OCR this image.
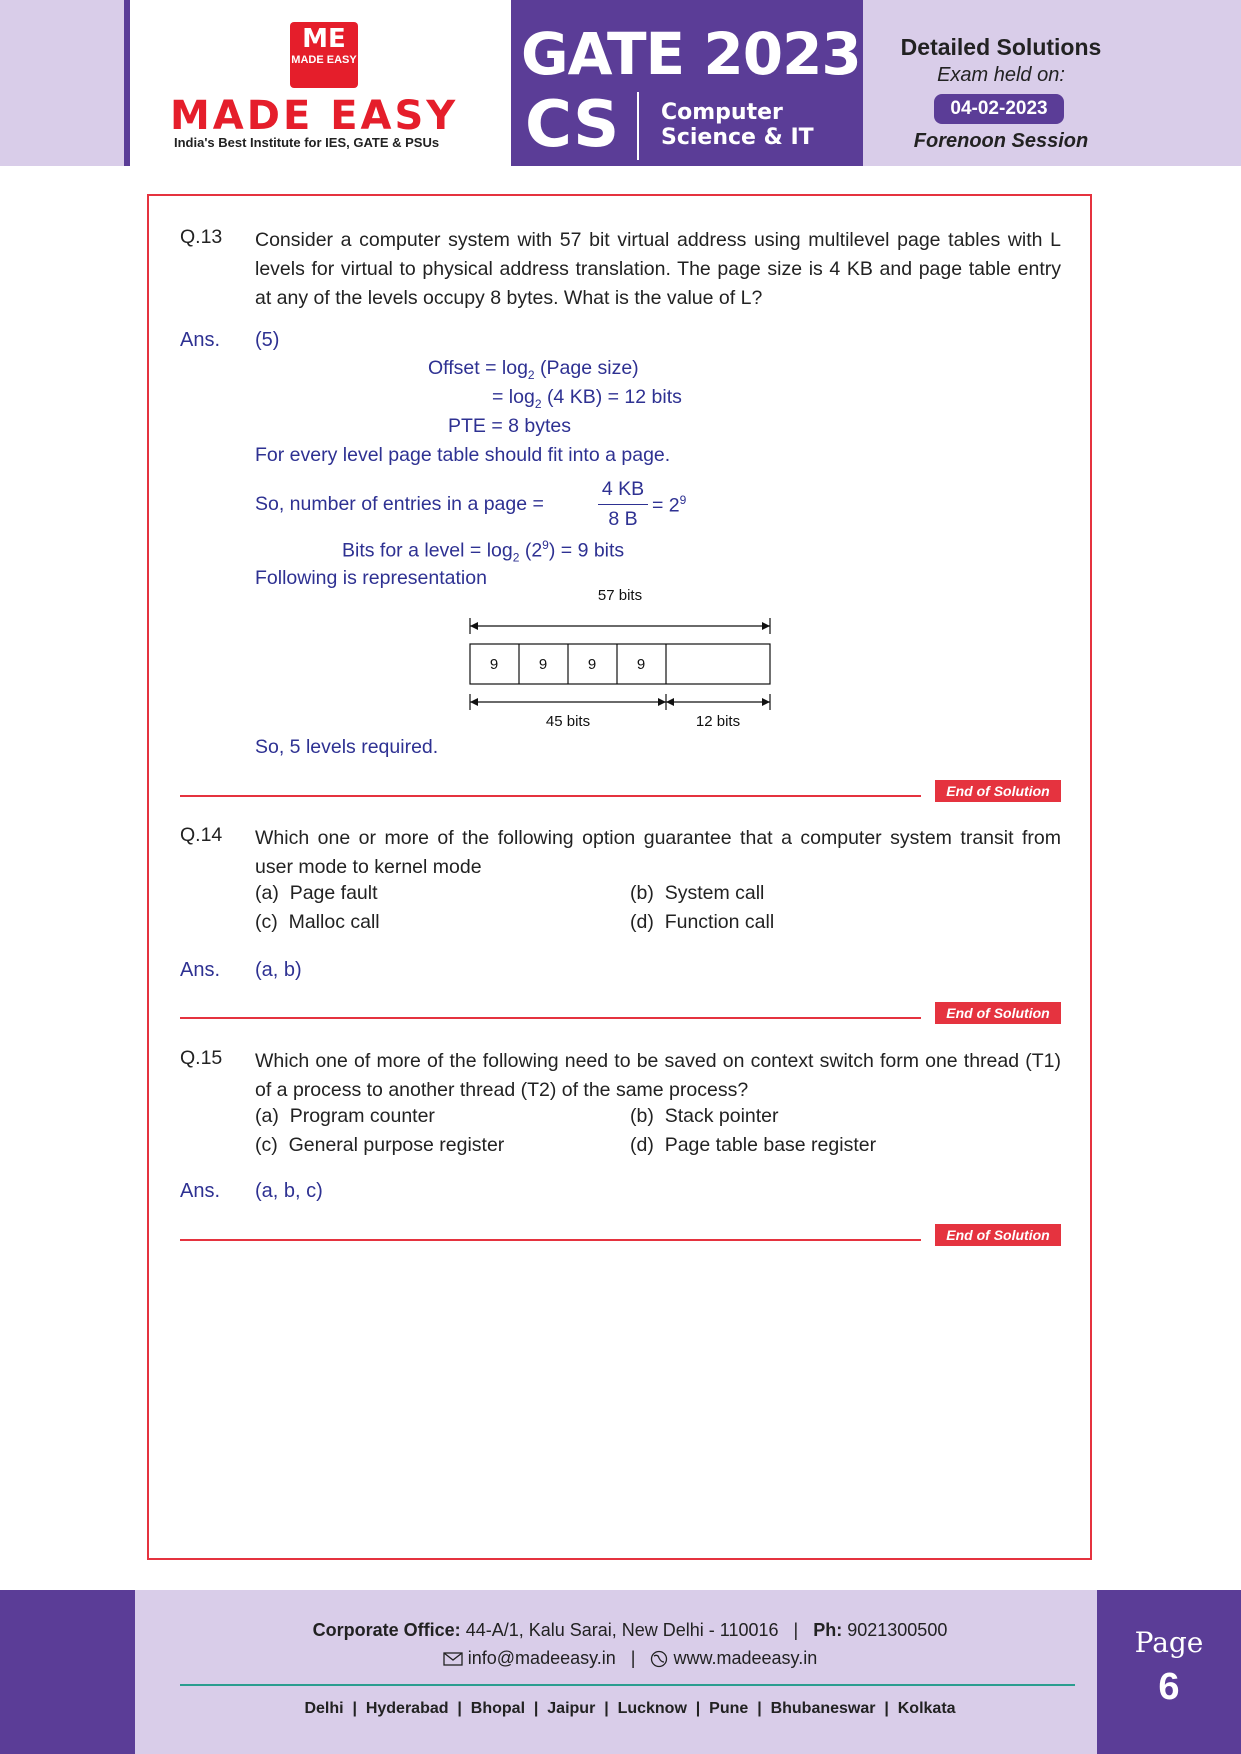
ME
MADE EASY
MADE EASY
India's Best Institute for IES, GATE & PSUs
GATE 2023
CS Computer
Science & IT
Detailed Solutions
Exam held on:
04-02-2023
Forenoon Session
Q.13 Consider a computer system with 57 bit virtual address using multilevel page tables with L levels for virtual to physical address translation. The page size is 4 KB and page table entry at any of the levels occupy 8 bytes. What is the value of L?
Ans. (5)
Offset = $\log_2$ (Page size)
= $\log_2 (4$ KB) = 12 bits
PTE = 8 bytes
For every level page table should fit into a page.
So, number of entries in a page =
4 KB
8 B
= $2^9$
Bits for a level = $\log_2 (2^9) = 9$ bits
Following is representation
57 bits
9	9	9	9
45 bits	12 bits
So, 5 levels required.
End of Solution
Q.14 Which one or more of the following option guarantee that a computer system transit from user mode to kernel mode
(a) Page fault	(b) System call
(c) Malloc call	(d) Function call
Ans. (a, b)
End of Solution
Q.15 Which one of more of the following need to be saved on context switch form one thread (T1) of a process to another thread (T2) of the same process?
(a) Program counter	(b) Stack pointer
(c) General purpose register	(d) Page table base register
Ans. (a, b, c)
End of Solution
Corporate Office: 44-A/1, Kalu Sarai, New Delhi - 110016   |   Ph: 9021300500
info@madeeasy.in   |    www.madeeasy.in
Delhi  |  Hyderabad  |  Bhopal  |  Jaipur  |  Lucknow  |  Pune  |  Bhubaneswar  |  Kolkata
Page
6
